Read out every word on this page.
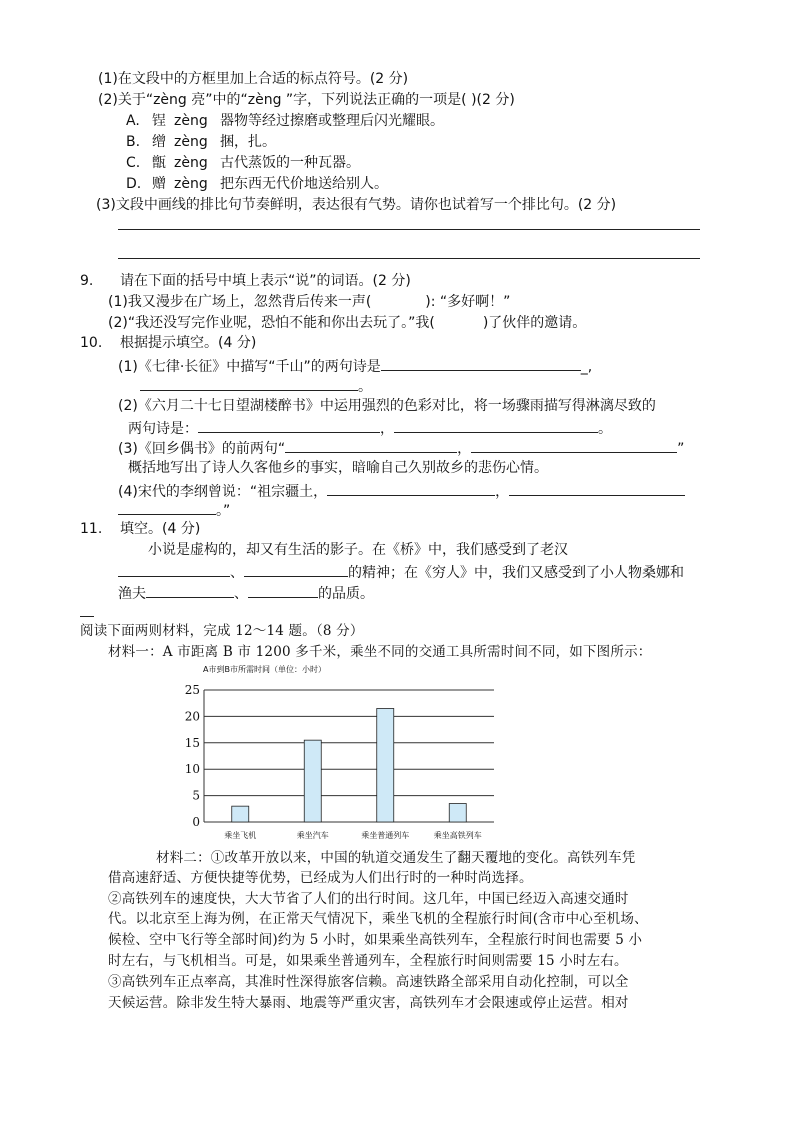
(1)在文段中的方框里加上合适的标点符号。(2 分)
(2)关于“zèng 亮”中的“zèng ”字，下列说法正确的一项是( )(2 分)
A. 锃 zèng 器物等经过擦磨或整理后闪光耀眼。
B. 缯 zèng 捆，扎。
C. 甑 zèng 古代蒸饭的一种瓦器。
D. 赠 zèng 把东西无代价地送给别人。
(3)文段中画线的排比句节奏鲜明，表达很有气势。请你也试着写一个排比句。(2 分)
9. 请在下面的括号中填上表示“说”的词语。(2 分)
(1)我又漫步在广场上，忽然背后传来一声(	): “多好啊！”
(2)“我还没写完作业呢，恐怕不能和你出去玩了。”我(	)了伙伴的邀请。
10. 根据提示填空。(4 分)
(1)《七律·长征》中描写“千山”的两句诗是	_,
。
(2)《六月二十七日望湖楼醉书》中运用强烈的色彩对比，将一场骤雨描写得淋漓尽致的
两句诗是：	，	。
(3)《回乡偶书》的前两句“	，	”
概括地写出了诗人久客他乡的事实，暗喻自己久别故乡的悲伤心情。
(4)宋代的李纲曾说：“祖宗疆土，	，
。”
11. 填空。(4 分)
小说是虚构的，却又有生活的影子。在《桥》中，我们感受到了老汉
、	的精神；在《穷人》中，我们又感受到了小人物桑娜和
渔夫	、	的品质。
阅读下面两则材料，完成 12～14 题。（8 分）
材料一：A 市距离 B 市 1200 多千米，乘坐不同的交通工具所需时间不同，如下图所示：
A市到B市所需时间（单位：小时）
0
5
10
15
20
25
乘坐飞机	乘坐汽车	乘坐普通列车	乘坐高铁列车
材料二：①改革开放以来，中国的轨道交通发生了翻天覆地的变化。高铁列车凭
借高速舒适、方便快捷等优势，已经成为人们出行时的一种时尚选择。
②高铁列车的速度快，大大节省了人们的出行时间。这几年，中国已经迈入高速交通时
代。以北京至上海为例，在正常天气情况下，乘坐飞机的全程旅行时间(含市中心至机场、
候检、空中飞行等全部时间)约为 5 小时，如果乘坐高铁列车，全程旅行时间也需要 5 小
时左右，与飞机相当。可是，如果乘坐普通列车，全程旅行时间则需要 15 小时左右。
③高铁列车正点率高，其准时性深得旅客信赖。高速铁路全部采用自动化控制，可以全
天候运营。除非发生特大暴雨、地震等严重灾害，高铁列车才会限速或停止运营。相对
